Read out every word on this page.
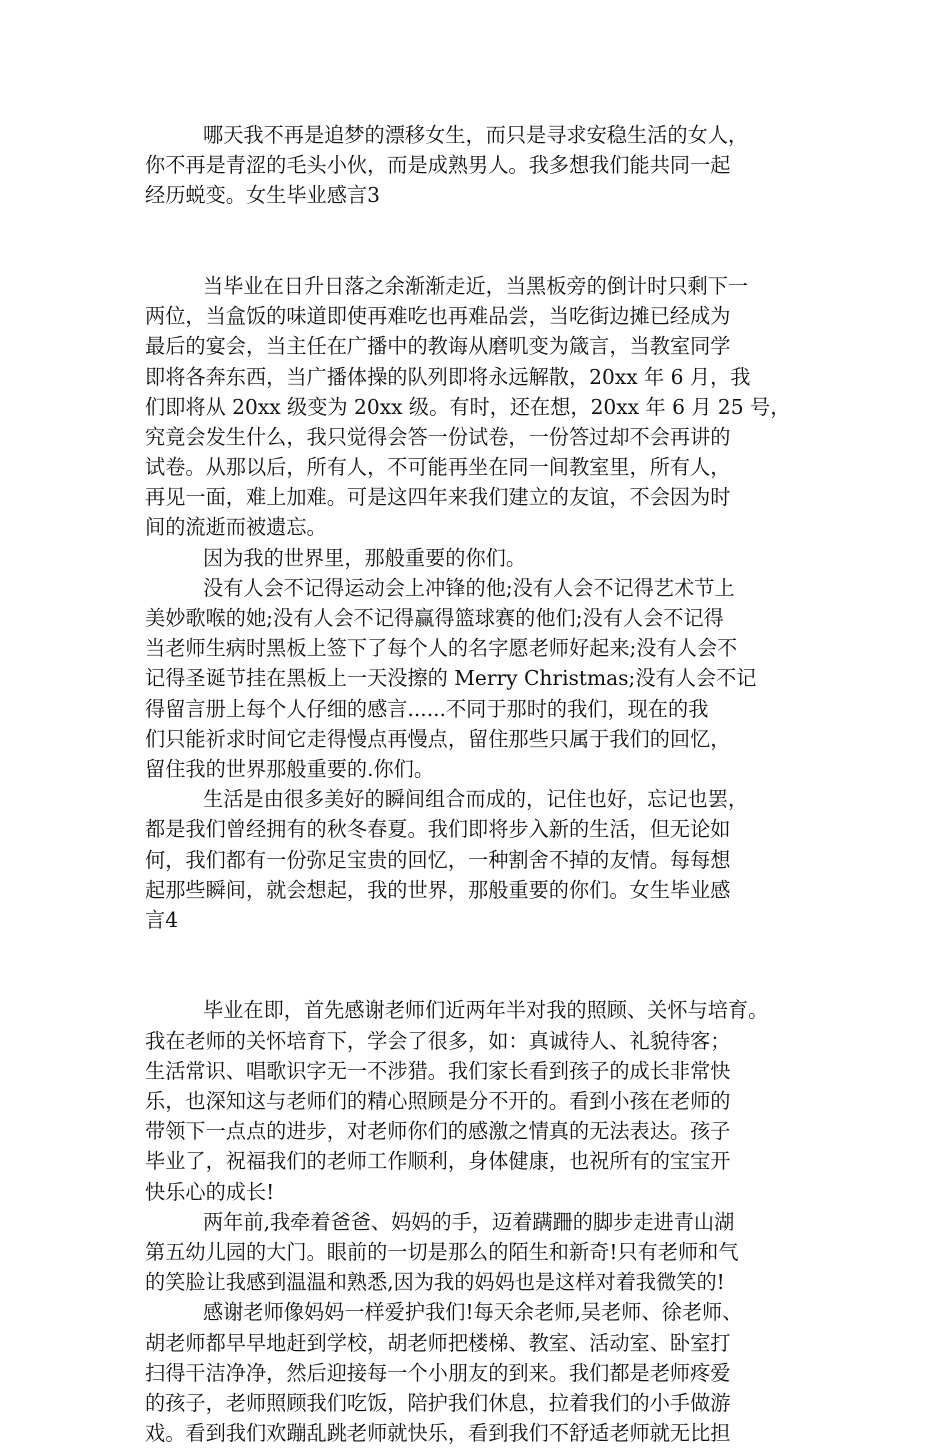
哪天我不再是追梦的漂移女生，而只是寻求安稳生活的女人，
你不再是青涩的毛头小伙，而是成熟男人。我多想我们能共同一起
经历蜕变。女生毕业感言3
当毕业在日升日落之余渐渐走近，当黑板旁的倒计时只剩下一
两位，当盒饭的味道即使再难吃也再难品尝，当吃街边摊已经成为
最后的宴会，当主任在广播中的教诲从磨叽变为箴言，当教室同学
即将各奔东西，当广播体操的队列即将永远解散，20xx 年 6 月，我
们即将从 20xx 级变为 20xx 级。有时，还在想，20xx 年 6 月 25 号，
究竟会发生什么，我只觉得会答一份试卷，一份答过却不会再讲的
试卷。从那以后，所有人，不可能再坐在同一间教室里，所有人，
再见一面，难上加难。可是这四年来我们建立的友谊，不会因为时
间的流逝而被遗忘。
因为我的世界里，那般重要的你们。
没有人会不记得运动会上冲锋的他;没有人会不记得艺术节上
美妙歌喉的她;没有人会不记得赢得篮球赛的他们;没有人会不记得
当老师生病时黑板上签下了每个人的名字愿老师好起来;没有人会不
记得圣诞节挂在黑板上一天没擦的 Merry Christmas;没有人会不记
得留言册上每个人仔细的感言......不同于那时的我们，现在的我
们只能祈求时间它走得慢点再慢点，留住那些只属于我们的回忆，
留住我的世界那般重要的.你们。
生活是由很多美好的瞬间组合而成的，记住也好，忘记也罢，
都是我们曾经拥有的秋冬春夏。我们即将步入新的生活，但无论如
何，我们都有一份弥足宝贵的回忆，一种割舍不掉的友情。每每想
起那些瞬间，就会想起，我的世界，那般重要的你们。女生毕业感
言4
毕业在即，首先感谢老师们近两年半对我的照顾、关怀与培育。
我在老师的关怀培育下，学会了很多，如：真诚待人、礼貌待客；
生活常识、唱歌识字无一不涉猎。我们家长看到孩子的成长非常快
乐，也深知这与老师们的精心照顾是分不开的。看到小孩在老师的
带领下一点点的进步，对老师你们的感激之情真的无法表达。孩子
毕业了，祝福我们的老师工作顺利，身体健康，也祝所有的宝宝开
快乐心的成长!
两年前,我牵着爸爸、妈妈的手，迈着蹒跚的脚步走进青山湖
第五幼儿园的大门。眼前的一切是那么的陌生和新奇!只有老师和气
的笑脸让我感到温温和熟悉,因为我的妈妈也是这样对着我微笑的!
感谢老师像妈妈一样爱护我们!每天余老师,吴老师、徐老师、
胡老师都早早地赶到学校，胡老师把楼梯、教室、活动室、卧室打
扫得干洁净净，然后迎接每一个小朋友的到来。我们都是老师疼爱
的孩子，老师照顾我们吃饭，陪护我们休息，拉着我们的小手做游
戏。看到我们欢蹦乱跳老师就快乐，看到我们不舒适老师就无比担
